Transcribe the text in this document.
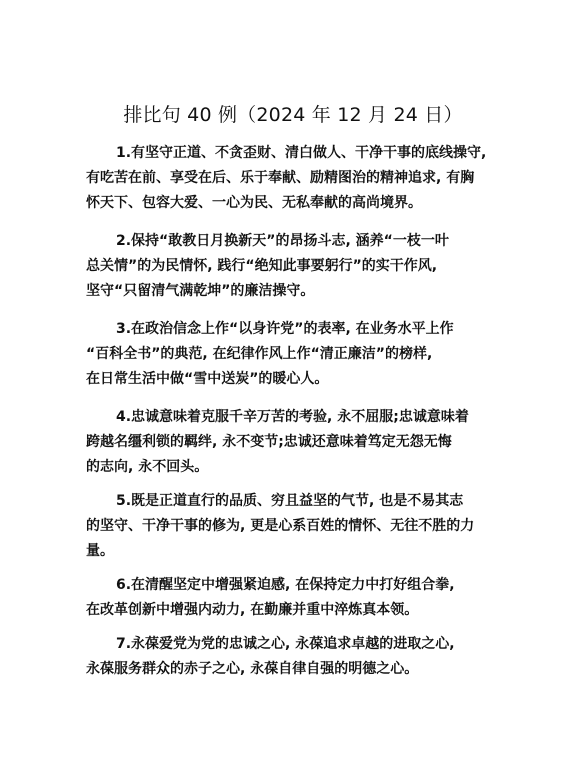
排比句 40 例（2024 年 12 月 24 日）

1.有坚守正道、不贪歪财、清白做人、干净干事的底线操守,
有吃苦在前、享受在后、乐于奉献、励精图治的精神追求, 有胸
怀天下、包容大爱、一心为民、无私奉献的高尚境界。

2.保持“敢教日月换新天”的昂扬斗志, 涵养“一枝一叶
总关情”的为民情怀, 践行“绝知此事要躬行”的实干作风,
坚守“只留清气满乾坤”的廉洁操守。

3.在政治信念上作“以身许党”的表率, 在业务水平上作
“百科全书”的典范, 在纪律作风上作“清正廉洁”的榜样,
在日常生活中做“雪中送炭”的暖心人。

4.忠诚意味着克服千辛万苦的考验, 永不屈服;忠诚意味着
跨越名缰利锁的羁绊, 永不变节;忠诚还意味着笃定无怨无悔
的志向, 永不回头。

5.既是正道直行的品质、穷且益坚的气节, 也是不易其志
的坚守、干净干事的修为, 更是心系百姓的情怀、无往不胜的力
量。

6.在清醒坚定中增强紧迫感, 在保持定力中打好组合拳,
在改革创新中增强内动力, 在勤廉并重中淬炼真本领。

7.永葆爱党为党的忠诚之心, 永葆追求卓越的进取之心,
永葆服务群众的赤子之心, 永葆自律自强的明德之心。
